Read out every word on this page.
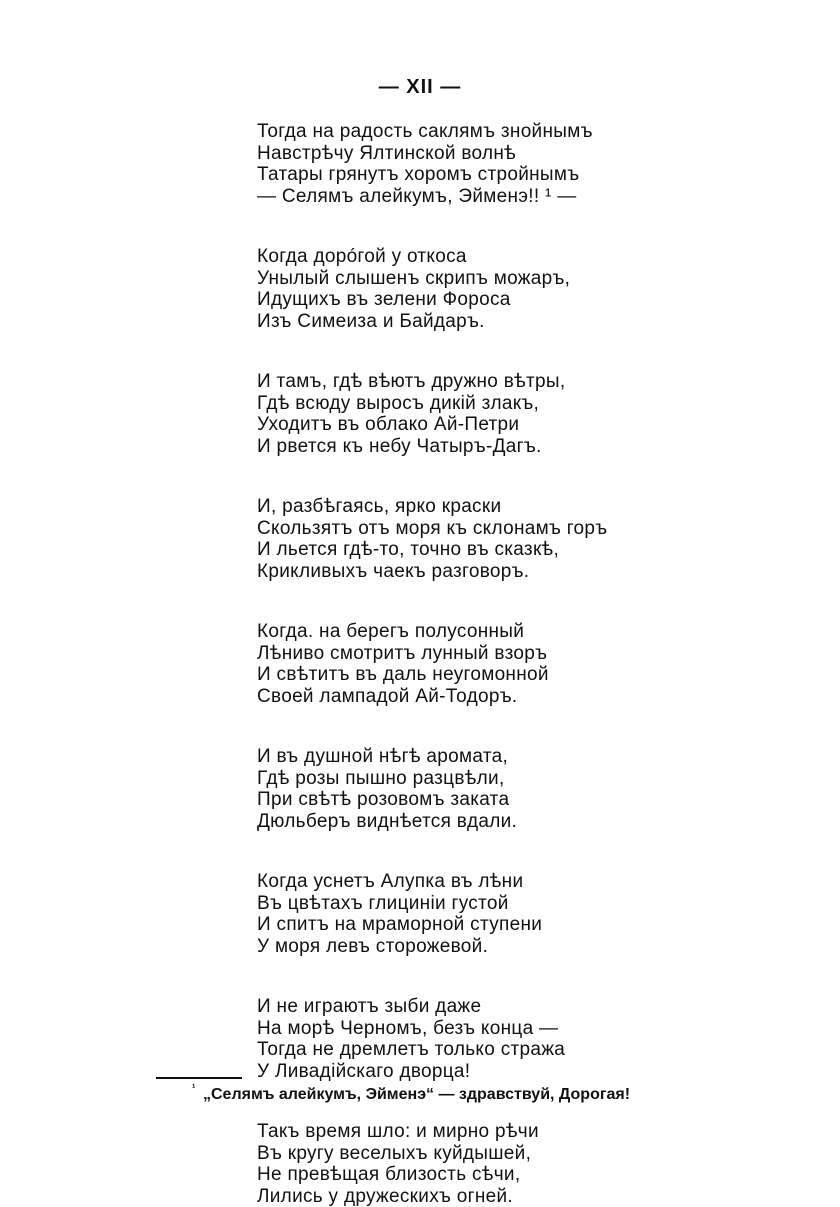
— XII —
Тогда на радость саклямъ знойнымъ
Навстрѣчу Ялтинской волнѣ
Татары грянутъ хоромъ стройнымъ
— Селямъ алейкумъ, Эйменэ!! ¹ —
Когда дорóгой у откоса
Унылый слышенъ скрипъ можаръ,
Идущихъ въ зелени Фороса
Изъ Симеиза и Байдаръ.
И тамъ, гдѣ вѣютъ дружно вѣтры,
Гдѣ всюду выросъ дикій злакъ,
Уходитъ въ облако Ай-Петри
И рвется къ небу Чатыръ-Дагъ.
И, разбѣгаясь, ярко краски
Скользятъ отъ моря къ склонамъ горъ
И льется гдѣ-то, точно въ сказкѣ,
Крикливыхъ чаекъ разговоръ.
Когда. на берегъ полусонный
Лѣниво смотритъ лунный взоръ
И свѣтитъ въ даль неугомонной
Своей лампадой Ай-Тодоръ.
И въ душной нѣгѣ аромата,
Гдѣ розы пышно разцвѣли,
При свѣтѣ розовомъ заката
Дюльберъ виднѣется вдали.
Когда уснетъ Алупка въ лѣни
Въ цвѣтахъ глициніи густой
И спитъ на мраморной ступени
У моря левъ сторожевой.
И не играютъ зыби даже
На морѣ Черномъ, безъ конца —
Тогда не дремлетъ только стража
У Ливадійскаго дворца!
Такъ время шло: и мирно рѣчи
Въ кругу веселыхъ куйдышей,
Не превѣщая близость сѣчи,
Лились у дружескихъ огней.
¹ „Селямъ алейкумъ, Эйменэ“ — здравствуй, Дорогая!
